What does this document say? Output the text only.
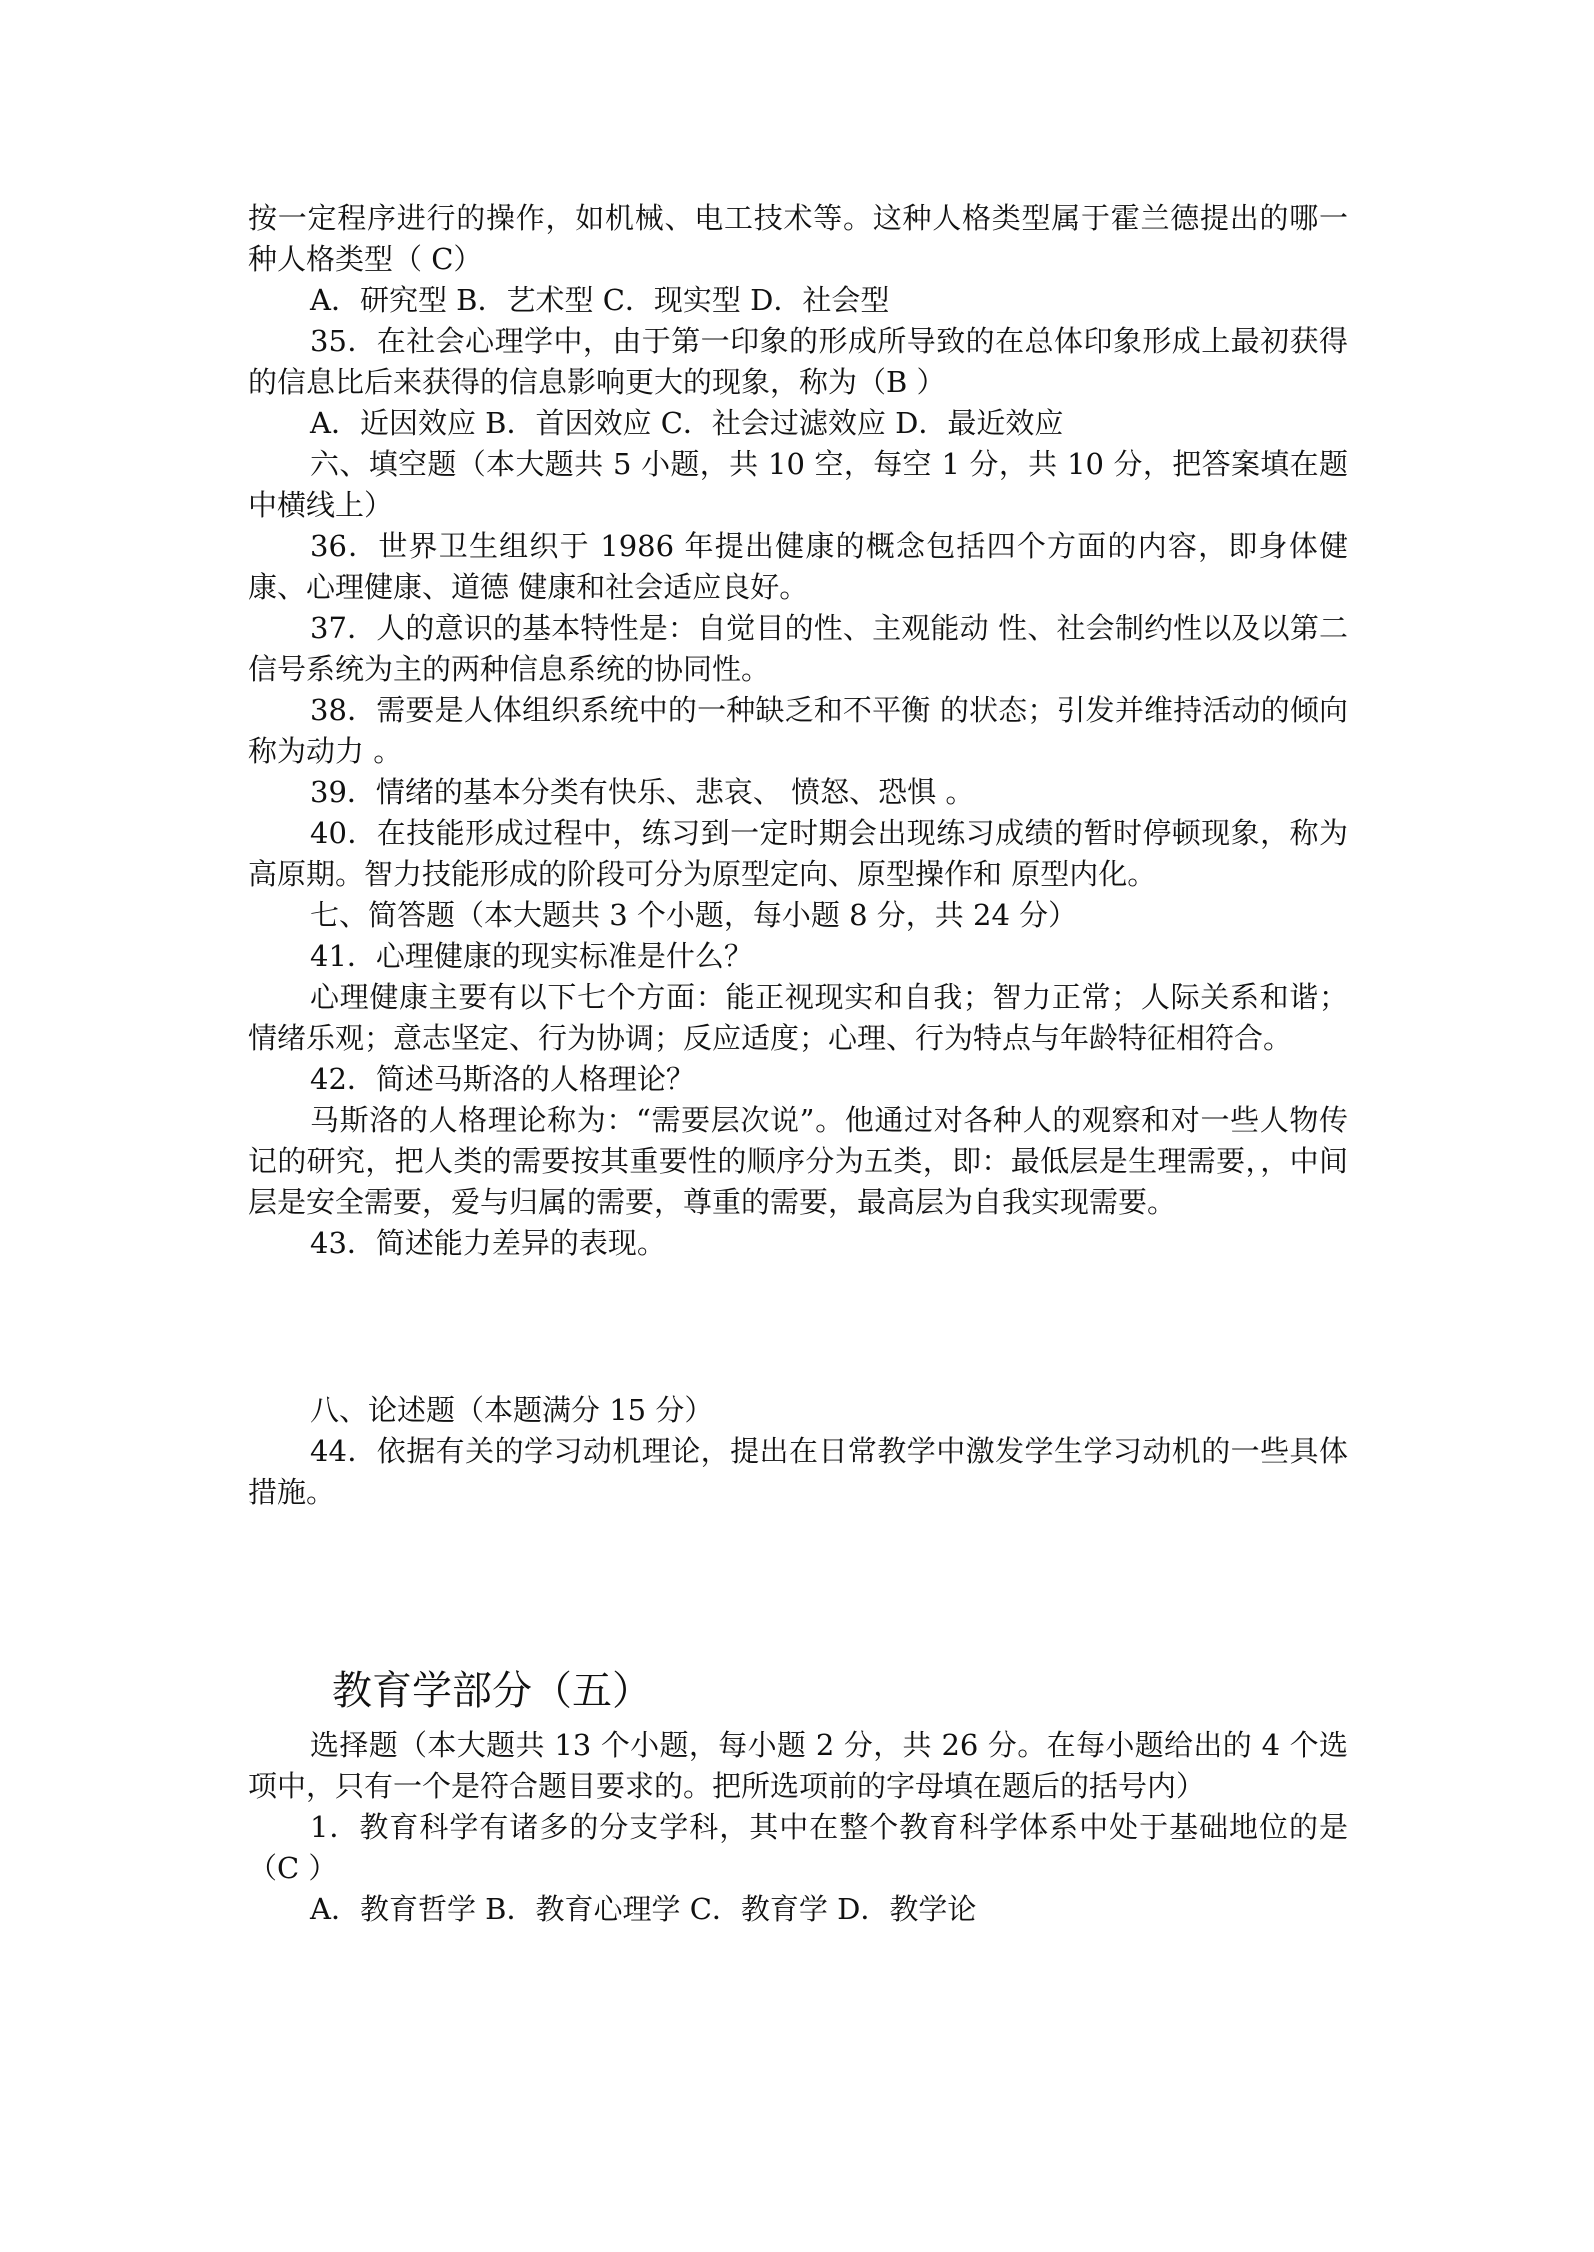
按一定程序进行的操作，如机械、电工技术等。这种人格类型属于霍兰德提出的哪一种人格类型（ C）

A．研究型 B．艺术型 C．现实型 D．社会型

35．在社会心理学中，由于第一印象的形成所导致的在总体印象形成上最初获得的信息比后来获得的信息影响更大的现象，称为（B ）

A．近因效应 B．首因效应 C．社会过滤效应 D．最近效应

六、填空题（本大题共 5 小题，共 10 空，每空 1 分，共 10 分，把答案填在题中横线上）

36．世界卫生组织于 1986 年提出健康的概念包括四个方面的内容，即身体健康、心理健康、道德 健康和社会适应良好。

37．人的意识的基本特性是：自觉目的性、主观能动 性、社会制约性以及以第二信号系统为主的两种信息系统的协同性。

38．需要是人体组织系统中的一种缺乏和不平衡 的状态；引发并维持活动的倾向称为动力 。

39．情绪的基本分类有快乐、悲哀、 愤怒、恐惧 。

40．在技能形成过程中，练习到一定时期会出现练习成绩的暂时停顿现象，称为 高原期。智力技能形成的阶段可分为原型定向、原型操作和 原型内化。

七、简答题（本大题共 3 个小题，每小题 8 分，共 24 分）

41．心理健康的现实标准是什么？

心理健康主要有以下七个方面：能正视现实和自我；智力正常；人际关系和谐；情绪乐观；意志坚定、行为协调；反应适度；心理、行为特点与年龄特征相符合。

42．简述马斯洛的人格理论？

马斯洛的人格理论称为：“需要层次说”。他通过对各种人的观察和对一些人物传记的研究，把人类的需要按其重要性的顺序分为五类，即：最低层是生理需要，，中间层是安全需要，爱与归属的需要，尊重的需要，最高层为自我实现需要。

43．简述能力差异的表现。

八、论述题（本题满分 15 分）

44．依据有关的学习动机理论，提出在日常教学中激发学生学习动机的一些具体措施。

教育学部分（五）

选择题（本大题共 13 个小题，每小题 2 分，共 26 分。在每小题给出的 4 个选项中，只有一个是符合题目要求的。把所选项前的字母填在题后的括号内）

1．教育科学有诸多的分支学科，其中在整个教育科学体系中处于基础地位的是（C ）

A．教育哲学 B．教育心理学 C．教育学 D．教学论
